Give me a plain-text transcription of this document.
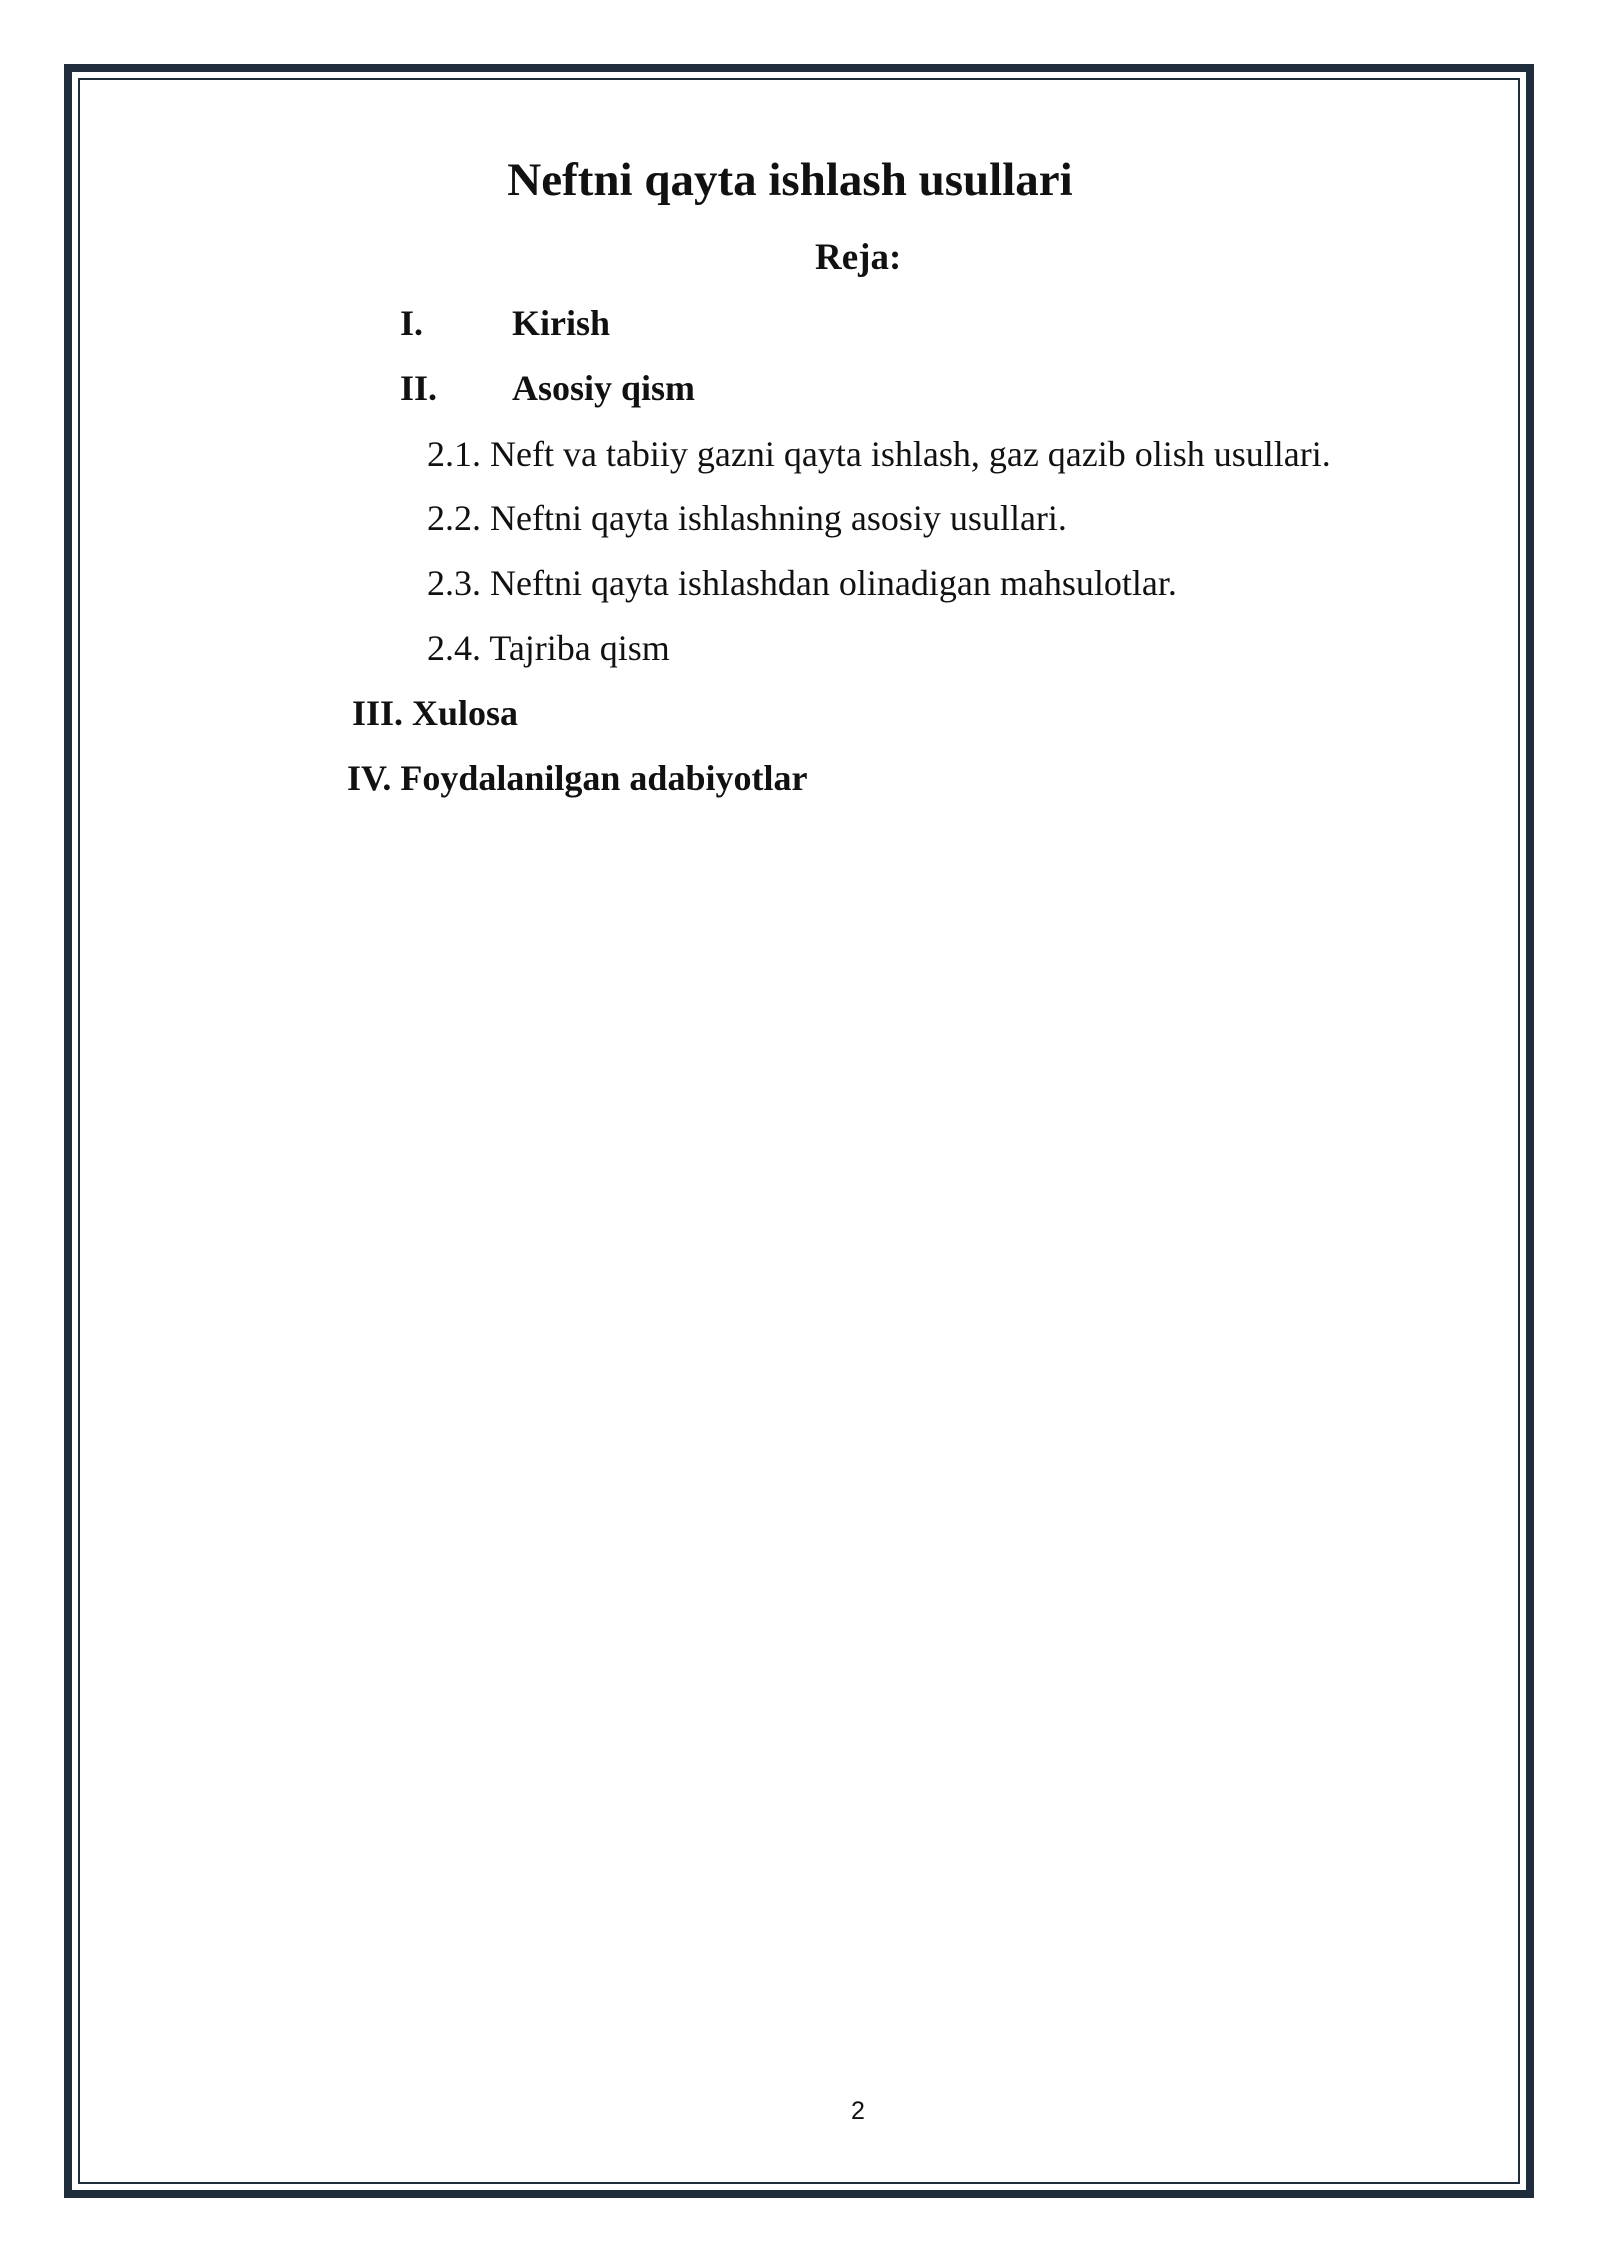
Neftni qayta ishlash usullari
Reja:
I. Kirish
II. Asosiy qism
2.1. Neft va tabiiy gazni qayta ishlash, gaz qazib olish usullari.
2.2. Neftni qayta ishlashning asosiy usullari.
2.3. Neftni qayta ishlashdan olinadigan mahsulotlar.
2.4. Tajriba qism
III. Xulosa
IV. Foydalanilgan adabiyotlar
2
